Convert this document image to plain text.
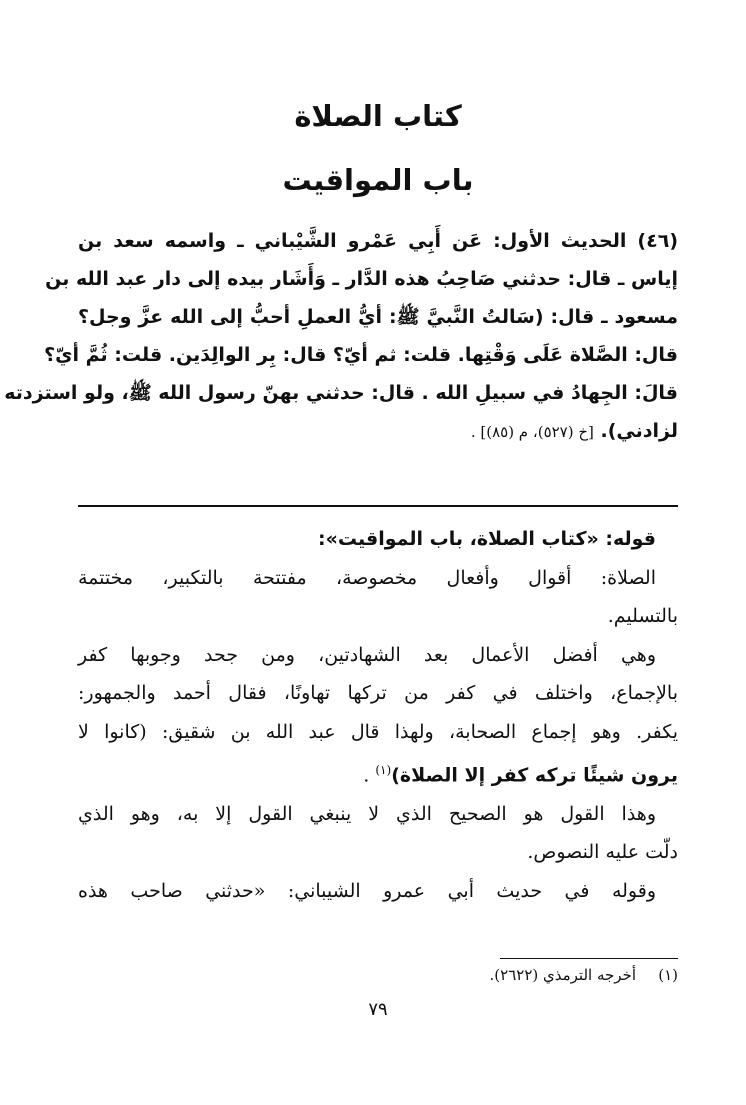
كتاب الصلاة
باب المواقيت
(٤٦) الحديث الأول: عَن أَبِي عَمْرو الشَّيْباني ـ واسمه سعد بن
إياس ـ قال: حدثني صَاحِبُ هذه الدَّار ـ وَأَشَار بيده إلى دار عبد الله بن
مسعود ـ قال: (سَالتُ النَّبيَّ ﷺ: أيُّ العملِ أحبُّ إلى الله عزَّ وجل؟
قال: الصَّلاة عَلَى وَقْتِها. قلت: ثم أيّ؟ قال: بِر الوالِدَين. قلت: ثُمَّ أيّ؟
قالَ: الجِهادُ في سبيلِ الله . قال: حدثني بهنّ رسول الله ﷺ، ولو استزدته
لزادني). [خ (٥٢٧)، م (٨٥)] .
قوله: «كتاب الصلاة، باب المواقيت»:
الصلاة: أقوال وأفعال مخصوصة، مفتتحة بالتكبير، مختتمة
بالتسليم.
وهي أفضل الأعمال بعد الشهادتين، ومن جحد وجوبها كفر
بالإجماع، واختلف في كفر من تركها تهاونًا، فقال أحمد والجمهور:
يكفر. وهو إجماع الصحابة، ولهذا قال عبد الله بن شقيق: (كانوا لا
يرون شيئًا تركه كفر إلا الصلاة)$^{(١)}$ .
وهذا القول هو الصحيح الذي لا ينبغي القول إلا به، وهو الذي
دلّت عليه النصوص.
وقوله في حديث أبي عمرو الشيباني: «حدثني صاحب هذه
(١)أخرجه الترمذي (٢٦٢٢).
٧٩
